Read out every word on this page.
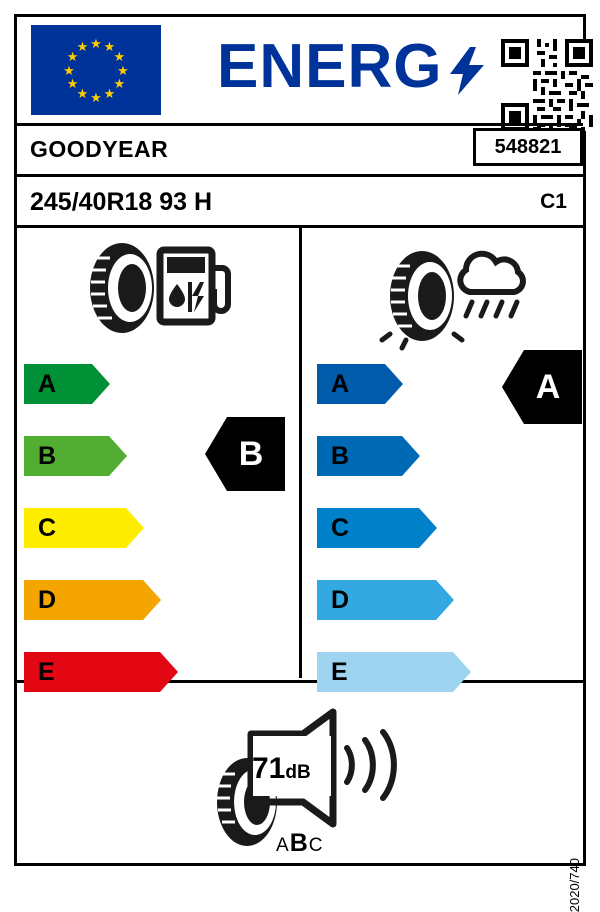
★ ★
★
★
★
★
★
★
★
★
★
★ ENERG
GOODYEAR	548821
245/40R18 93 H	C1
A
B
C
D
E
B
A
B
C
D
E
A
71dB
ABC
2020/740
